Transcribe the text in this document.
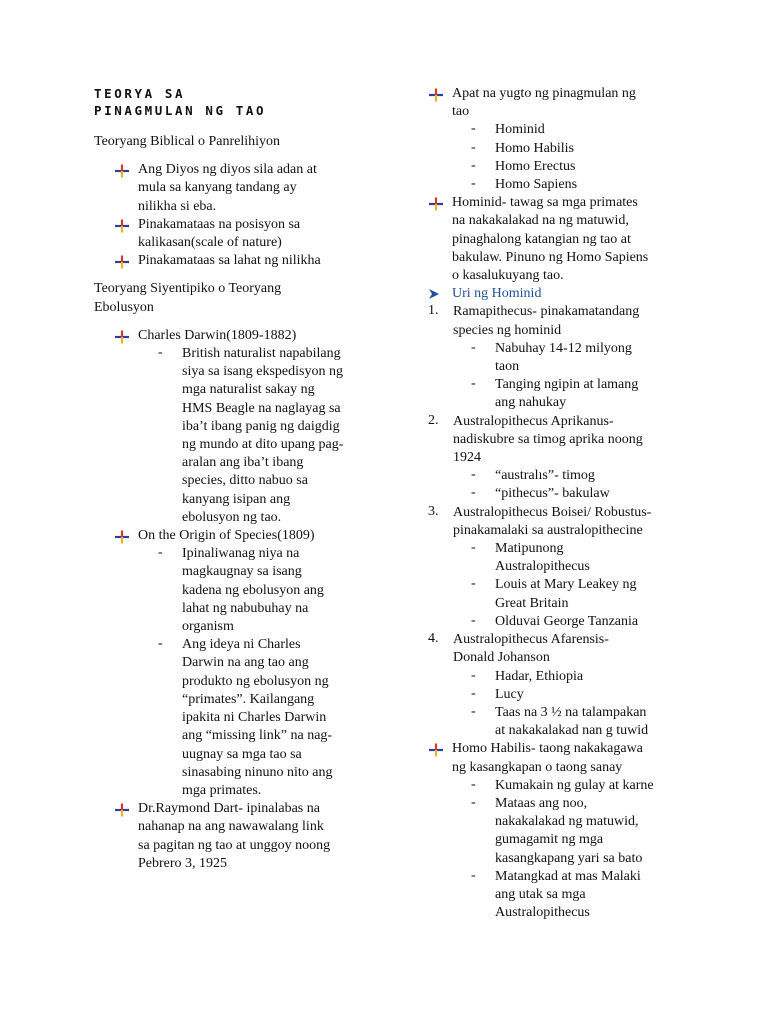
TEORYA SA
PINAGMULAN NG TAO
Teoryang Biblical o Panrelihiyon
Ang Diyos ng diyos sila adan at
mula sa kanyang tandang ay
nilikha si eba.
Pinakamataas na posisyon sa
kalikasan(scale of nature)
Pinakamataas sa lahat ng nilikha
Teoryang Siyentipiko o Teoryang
Ebolusyon
Charles Darwin(1809-1882)
- British naturalist napabilang
siya sa isang ekspedisyon ng
mga naturalist sakay ng
HMS Beagle na naglayag sa
iba’t ibang panig ng daigdig
ng mundo at dito upang pag-
aralan ang iba’t ibang
species, ditto nabuo sa
kanyang isipan ang
ebolusyon ng tao.
On the Origin of Species(1809)
- Ipinaliwanag niya na
magkaugnay sa isang
kadena ng ebolusyon ang
lahat ng nabubuhay na
organism
- Ang ideya ni Charles
Darwin na ang tao ang
produkto ng ebolusyon ng
“primates”. Kailangang
ipakita ni Charles Darwin
ang “missing link” na nag-
uugnay sa mga tao sa
sinasabing ninuno nito ang
mga primates.
Dr.Raymond Dart- ipinalabas na
nahanap na ang nawawalang link
sa pagitan ng tao at unggoy noong
Pebrero 3, 1925
Apat na yugto ng pinagmulan ng
tao
- Hominid
- Homo Habilis
- Homo Erectus
- Homo Sapiens
Hominid- tawag sa mga primates
na nakakalakad na ng matuwid,
pinaghalong katangian ng tao at
bakulaw. Pinuno ng Homo Sapiens
o kasalukuyang tao.
Uri ng Hominid
1. Ramapithecus- pinakamatandang
species ng hominid
- Nabuhay 14-12 milyong
taon
- Tanging ngipin at lamang
ang nahukay
2. Australopithecus Aprikanus-
nadiskubre sa timog aprika noong
1924
- “australıs”- timog
- “pithecus”- bakulaw
3. Australopithecus Boisei/ Robustus-
pinakamalaki sa australopithecine
- Matipunong
Australopithecus
- Louis at Mary Leakey ng
Great Britain
- Olduvai George Tanzania
4. Australopithecus Afarensis-
Donald Johanson
- Hadar, Ethiopia
- Lucy
- Taas na 3 ½ na talampakan
at nakakalakad nan g tuwid
Homo Habilis- taong nakakagawa
ng kasangkapan o taong sanay
- Kumakain ng gulay at karne
- Mataas ang noo,
nakakalakad ng matuwid,
gumagamit ng mga
kasangkapang yari sa bato
- Matangkad at mas Malaki
ang utak sa mga
Australopithecus
